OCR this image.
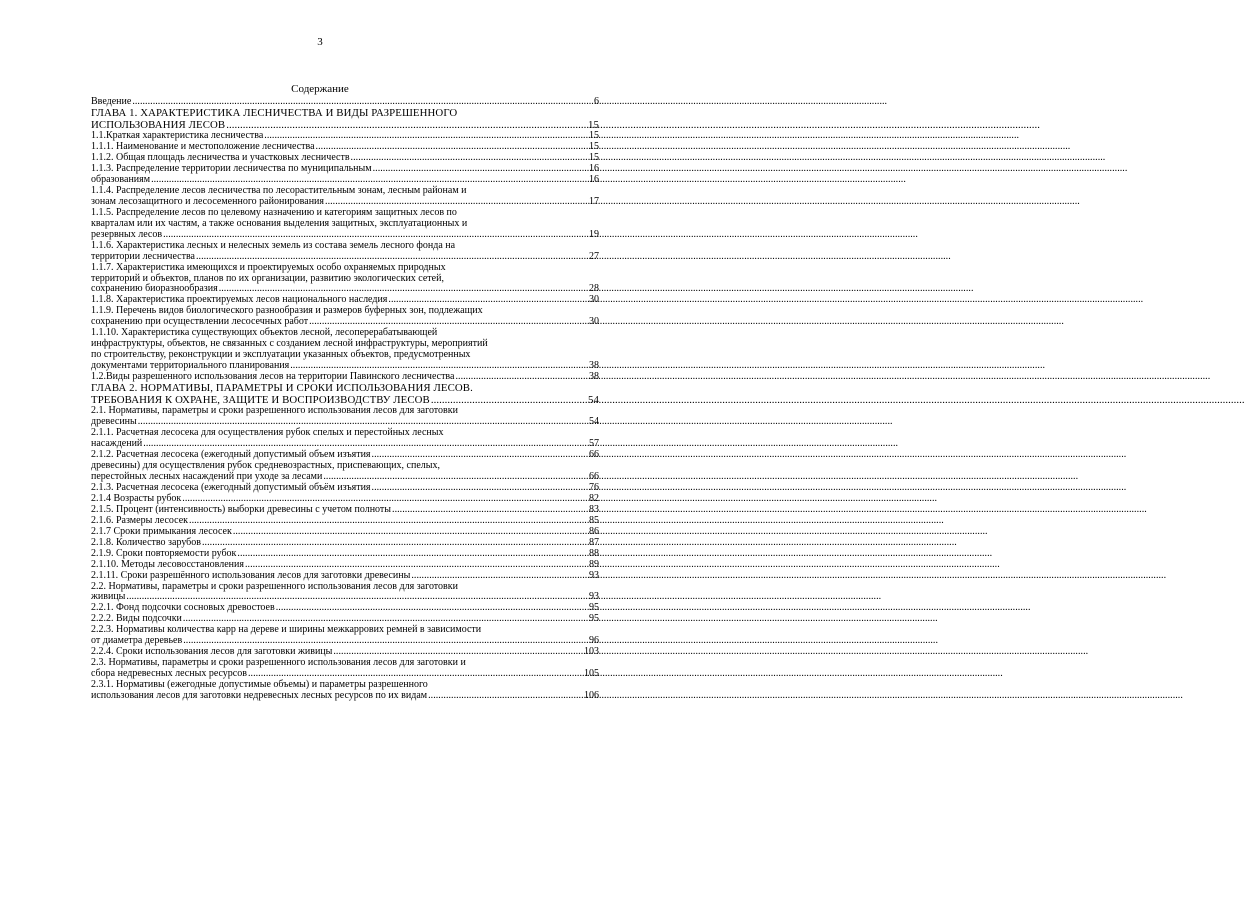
3
Содержание
Введение .....	6
ГЛАВА 1. ХАРАКТЕРИСТИКА ЛЕСНИЧЕСТВА И ВИДЫ РАЗРЕШЕННОГО
ИСПОЛЬЗОВАНИЯ ЛЕСОВ .....	15
1.1.Краткая характеристика лесничества .....	15
1.1.1. Наименование и местоположение лесничества .....	15
1.1.2. Общая площадь лесничества и участковых лесничеств .....	15
1.1.3. Распределение территории лесничества по муниципальным .....	16
образованиям .....	16
1.1.4. Распределение лесов лесничества по лесорастительным зонам, лесным районам и
зонам лесозащитного и лесосеменного районирования .....	17
1.1.5. Распределение лесов по целевому назначению и категориям защитных лесов по
кварталам или их частям, а также основания выделения защитных, эксплуатационных и
резервных лесов .....	19
1.1.6. Характеристика лесных и нелесных земель из состава земель лесного фонда на
территории лесничества .....	27
1.1.7. Характеристика имеющихся и проектируемых особо охраняемых природных
территорий и объектов, планов по их организации, развитию экологических сетей,
сохранению биоразнообразия .....	28
1.1.8. Характеристика проектируемых лесов национального наследия .....	30
1.1.9. Перечень видов биологического разнообразия и размеров буферных зон, подлежащих
сохранению при осуществлении лесосечных работ .....	30
1.1.10. Характеристика существующих объектов лесной, лесоперерабатывающей
инфраструктуры, объектов, не связанных с созданием лесной инфраструктуры, мероприятий
по строительству, реконструкции и эксплуатации указанных объектов, предусмотренных
документами территориального планирования .....	38
1.2.Виды разрешенного использования лесов на территории Павинского лесничества .....	38
ГЛАВА 2. НОРМАТИВЫ, ПАРАМЕТРЫ И СРОКИ ИСПОЛЬЗОВАНИЯ ЛЕСОВ.
ТРЕБОВАНИЯ К ОХРАНЕ, ЗАЩИТЕ И ВОСПРОИЗВОДСТВУ ЛЕСОВ .....	54
2.1. Нормативы, параметры и сроки разрешенного использования лесов для заготовки
древесины .....	54
2.1.1. Расчетная лесосека для осуществления рубок спелых и перестойных лесных
насаждений .....	57
2.1.2. Расчетная лесосека (ежегодный допустимый объем изъятия .....	66
древесины) для осуществления рубок средневозрастных, приспевающих, спелых,
перестойных лесных насаждений при уходе за лесами .....	66
2.1.3. Расчетная лесосека (ежегодный допустимый объём изъятия .....	76
2.1.4 Возрасты рубок .....	82
2.1.5. Процент (интенсивность) выборки древесины с учетом полноты .....	83
2.1.6. Размеры лесосек .....	85
2.1.7 Сроки примыкания лесосек .....	86
2.1.8. Количество зарубов .....	87
2.1.9. Сроки повторяемости рубок .....	88
2.1.10. Методы лесовосстановления .....	89
2.1.11. Сроки разрешённого использования лесов для заготовки древесины .....	93
2.2. Нормативы, параметры и сроки разрешенного использования лесов для заготовки
живицы .....	93
2.2.1. Фонд подсочки сосновых древостоев .....	95
2.2.2. Виды подсочки .....	95
2.2.3. Нормативы количества карр на дереве и ширины межкаррових ремней в зависимости
от диаметра деревьев .....	96
2.2.4. Сроки использования лесов для заготовки живицы .....	103
2.3. Нормативы, параметры и сроки разрешенного использования лесов для заготовки и
сбора недревесных лесных ресурсов .....	105
2.3.1. Нормативы (ежегодные допустимые объемы) и параметры разрешенного
использования лесов для заготовки недревесных лесных ресурсов по их видам .....	106
